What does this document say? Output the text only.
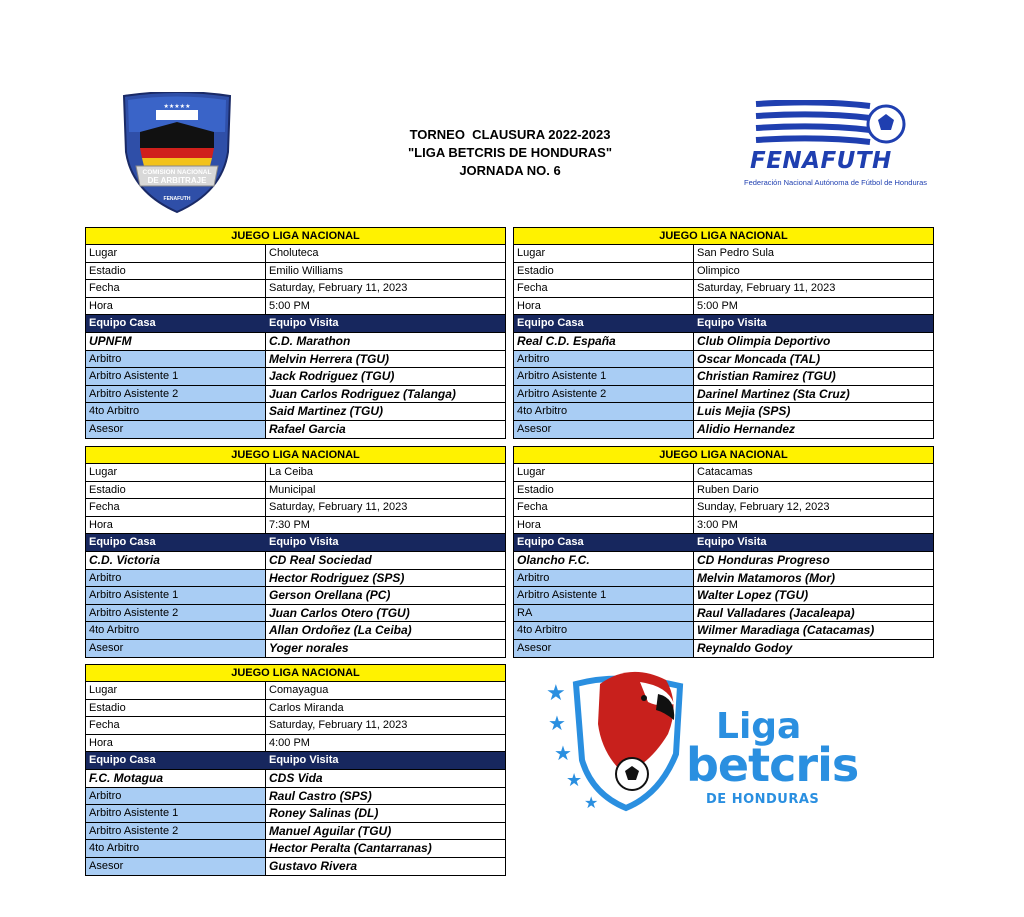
★★★★★
COMISION NACIONAL
DE ARBITRAJE
FENAFUTH
TORNEO  CLAUSURA 2022-2023
"LIGA BETCRIS DE HONDURAS"
JORNADA NO. 6	FENAFUTH
Federación Nacional Autónoma de Fútbol de Honduras
JUEGO LIGA NACIONAL
Lugar	Choluteca
Estadio	Emilio Williams
Fecha	Saturday, February 11, 2023
Hora	5:00 PM
Equipo Casa	Equipo Visita
UPNFM	C.D. Marathon
Arbitro	Melvin Herrera (TGU)
Arbitro Asistente 1	Jack Rodriguez (TGU)
Arbitro Asistente 2	Juan Carlos Rodriguez (Talanga)
4to Arbitro	Said Martinez (TGU)
Asesor	Rafael Garcia
JUEGO LIGA NACIONAL
Lugar	San Pedro Sula
Estadio	Olimpico
Fecha	Saturday, February 11, 2023
Hora	5:00 PM
Equipo Casa	Equipo Visita
Real C.D. España	Club Olimpia Deportivo
Arbitro	Oscar Moncada (TAL)
Arbitro Asistente 1	Christian Ramirez (TGU)
Arbitro Asistente 2	Darinel Martinez (Sta Cruz)
4to Arbitro	Luis Mejia (SPS)
Asesor	Alidio Hernandez
JUEGO LIGA NACIONAL
Lugar	La Ceiba
Estadio	Municipal
Fecha	Saturday, February 11, 2023
Hora	7:30 PM
Equipo Casa	Equipo Visita
C.D. Victoria	CD Real Sociedad
Arbitro	Hector Rodriguez (SPS)
Arbitro Asistente 1	Gerson Orellana (PC)
Arbitro Asistente 2	Juan Carlos Otero (TGU)
4to Arbitro	Allan Ordoñez (La Ceiba)
Asesor	Yoger norales
JUEGO LIGA NACIONAL
Lugar	Catacamas
Estadio	Ruben Dario
Fecha	Sunday, February 12, 2023
Hora	3:00 PM
Equipo Casa	Equipo Visita
Olancho F.C.	CD Honduras Progreso
Arbitro	Melvin Matamoros (Mor)
Arbitro Asistente 1	Walter Lopez (TGU)
RA	Raul Valladares (Jacaleapa)
4to Arbitro	Wilmer Maradiaga (Catacamas)
Asesor	Reynaldo Godoy
JUEGO LIGA NACIONAL
Lugar	Comayagua
Estadio	Carlos Miranda
Fecha	Saturday, February 11, 2023
Hora	4:00 PM
Equipo Casa	Equipo Visita
F.C. Motagua	CDS Vida
Arbitro	Raul Castro (SPS)
Arbitro Asistente 1	Roney Salinas (DL)
Arbitro Asistente 2	Manuel Aguilar (TGU)
4to Arbitro	Hector Peralta (Cantarranas)
Asesor	Gustavo Rivera
★
★
★
★
★
Liga
betcris
DE HONDURAS
